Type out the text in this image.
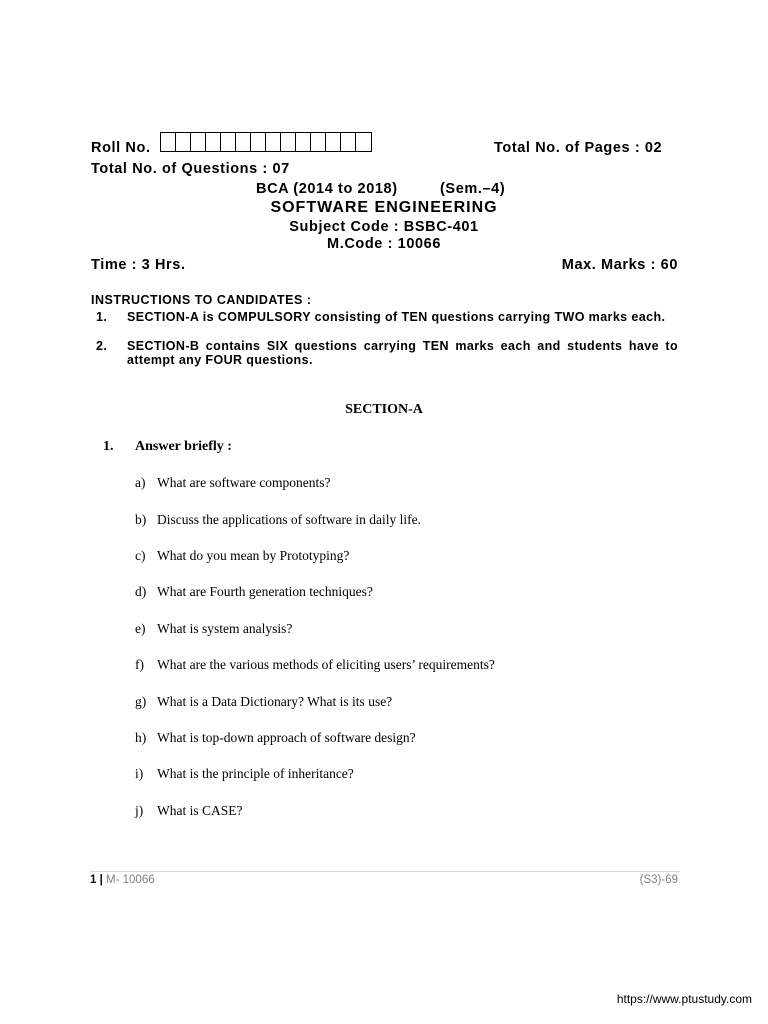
Roll No.	Total No. of Pages : 02
Total No. of Questions : 07
BCA (2014 to 2018)	(Sem.–4)
SOFTWARE ENGINEERING
Subject Code : BSBC-401
M.Code : 10066
Time : 3 Hrs.	Max. Marks : 60
INSTRUCTIONS TO CANDIDATES :
1. SECTION-A is COMPULSORY consisting of TEN questions carrying TWO marks each.
2. SECTION-B contains SIX questions carrying TEN marks each and students have to attempt any FOUR questions.
SECTION-A
1. Answer briefly :
a) What are software components?
b) Discuss the applications of software in daily life.
c) What do you mean by Prototyping?
d) What are Fourth generation techniques?
e) What is system analysis?
f) What are the various methods of eliciting users’ requirements?
g) What is a Data Dictionary? What is its use?
h) What is top-down approach of software design?
i) What is the principle of inheritance?
j) What is CASE?
1 | M- 10066	(S3)-69
https://www.ptustudy.com
